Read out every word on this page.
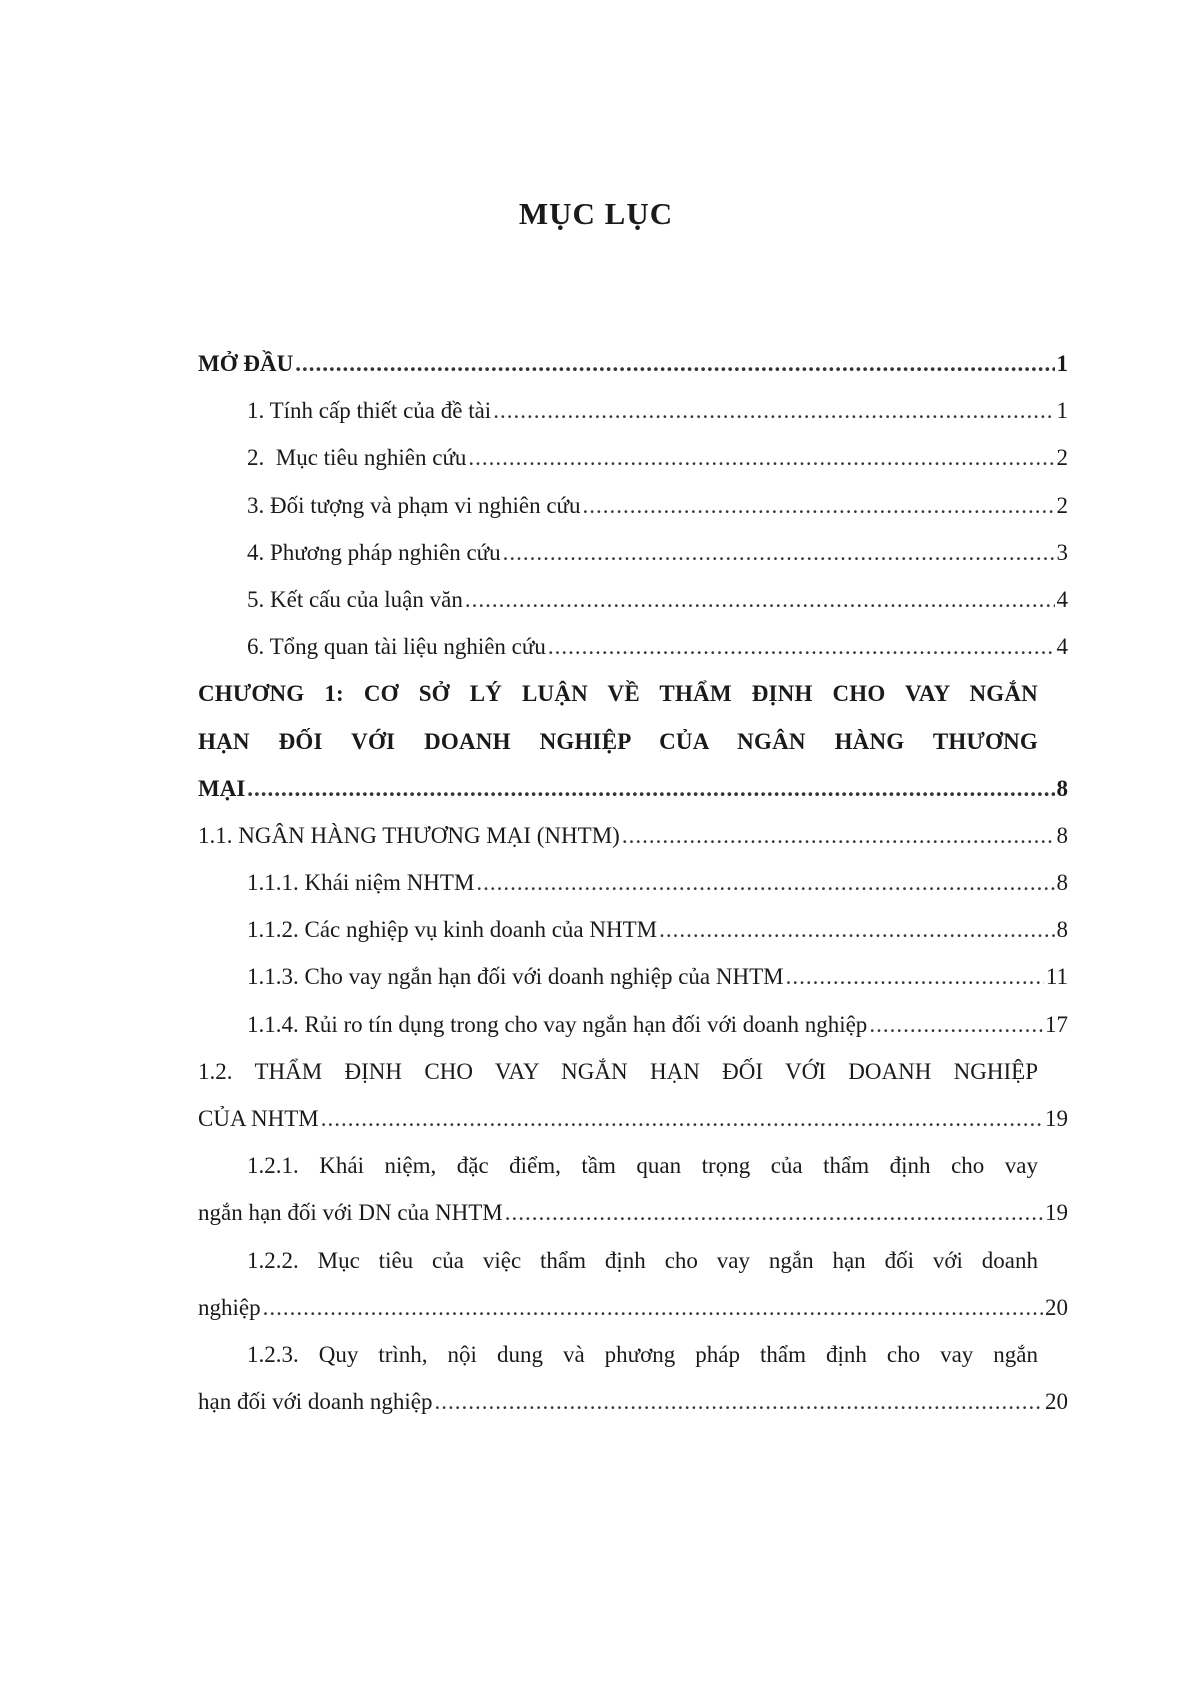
MỤC LỤC
MỞ ĐẦU .....	1
1. Tính cấp thiết của đề tài .....	1
2.  Mục tiêu nghiên cứu .....	2
3. Đối tượng và phạm vi nghiên cứu .....	2
4. Phương pháp nghiên cứu .....	3
5. Kết cấu của luận văn .....	4
6. Tổng quan tài liệu nghiên cứu .....	4
CHƯƠNG 1: CƠ SỞ LÝ LUẬN VỀ THẨM ĐỊNH CHO VAY NGẮN
HẠN ĐỐI VỚI DOANH NGHIỆP CỦA NGÂN HÀNG THƯƠNG
MẠI .....	8
1.1. NGÂN HÀNG THƯƠNG MẠI (NHTM) .....	8
1.1.1. Khái niệm NHTM .....	8
1.1.2. Các nghiệp vụ kinh doanh của NHTM .....	8
1.1.3. Cho vay ngắn hạn đối với doanh nghiệp của NHTM .....	11
1.1.4. Rủi ro tín dụng trong cho vay ngắn hạn đối với doanh nghiệp .....	17
1.2. THẨM ĐỊNH CHO VAY NGẮN HẠN ĐỐI VỚI DOANH NGHIỆP
CỦA NHTM .....	19
1.2.1. Khái niệm, đặc điểm, tầm quan trọng của thẩm định cho vay
ngắn hạn đối với DN của NHTM .....	19
1.2.2. Mục tiêu của việc thẩm định cho vay ngắn hạn đối với doanh
nghiệp .....	20
1.2.3. Quy trình, nội dung và phương pháp thẩm định cho vay ngắn
hạn đối với doanh nghiệp .....	20
